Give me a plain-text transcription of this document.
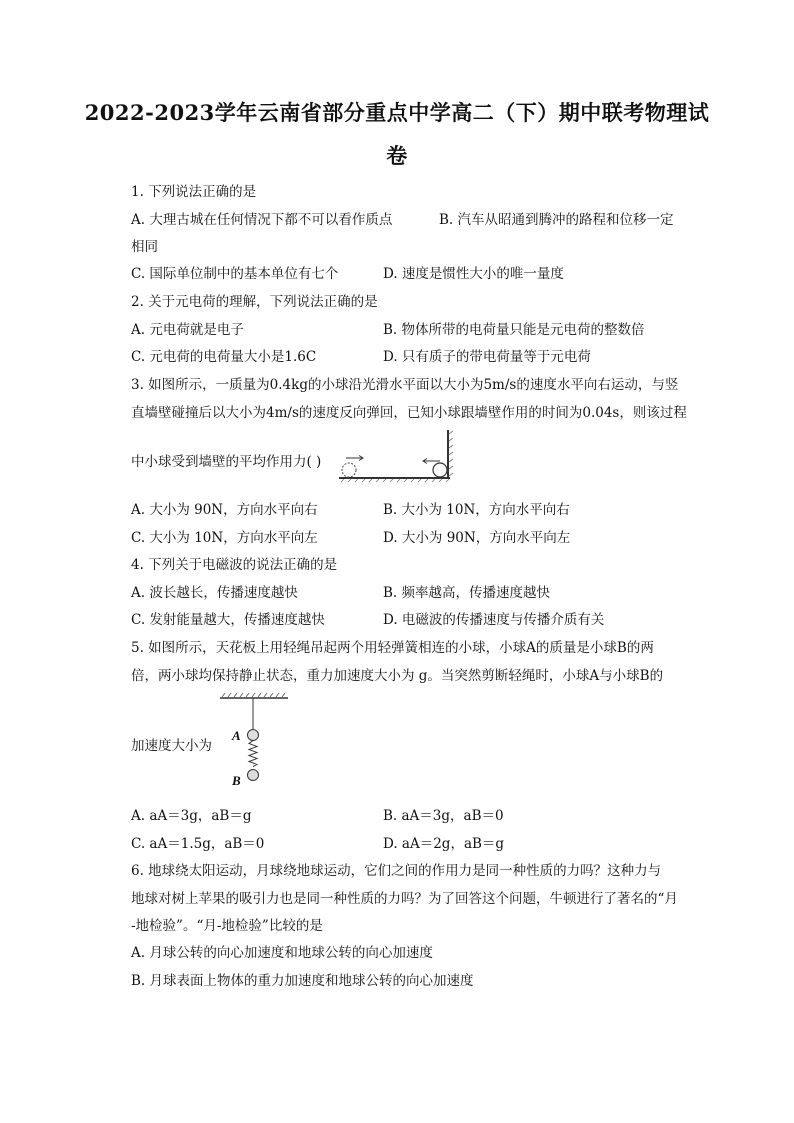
2022-2023学年云南省部分重点中学高二（下）期中联考物理试
卷
1. 下列说法正确的是
A. 大理古城在任何情况下都不可以看作质点	B. 汽车从昭通到腾冲的路程和位移一定
相同
C. 国际单位制中的基本单位有七个	D. 速度是惯性大小的唯一量度
2. 关于元电荷的理解，下列说法正确的是
A. 元电荷就是电子	B. 物体所带的电荷量只能是元电荷的整数倍
C. 元电荷的电荷量大小是1.6C	D. 只有质子的带电荷量等于元电荷
3. 如图所示，一质量为0.4kg的小球沿光滑水平面以大小为5m/s的速度水平向右运动，与竖
直墙壁碰撞后以大小为4m/s的速度反向弹回，已知小球跟墙壁作用的时间为0.04s，则该过程
中小球受到墙壁的平均作用力( )
A. 大小为 90N，方向水平向右	B. 大小为 10N，方向水平向右
C. 大小为 10N，方向水平向左	D. 大小为 90N，方向水平向左
4. 下列关于电磁波的说法正确的是
A. 波长越长，传播速度越快	B. 频率越高，传播速度越快
C. 发射能量越大，传播速度越快	D. 电磁波的传播速度与传播介质有关
5. 如图所示，天花板上用轻绳吊起两个用轻弹簧相连的小球，小球A的质量是小球B的两
倍，两小球均保持静止状态，重力加速度大小为 g。当突然剪断轻绳时，小球A与小球B的
加速度大小为
A
B
A. aA＝3g，aB＝g	B. aA＝3g，aB＝0
C. aA＝1.5g，aB＝0	D. aA＝2g，aB＝g
6. 地球绕太阳运动，月球绕地球运动，它们之间的作用力是同一种性质的力吗？这种力与
地球对树上苹果的吸引力也是同一种性质的力吗？为了回答这个问题，牛顿进行了著名的“月
-地检验”。“月-地检验”比较的是
A. 月球公转的向心加速度和地球公转的向心加速度
B. 月球表面上物体的重力加速度和地球公转的向心加速度
